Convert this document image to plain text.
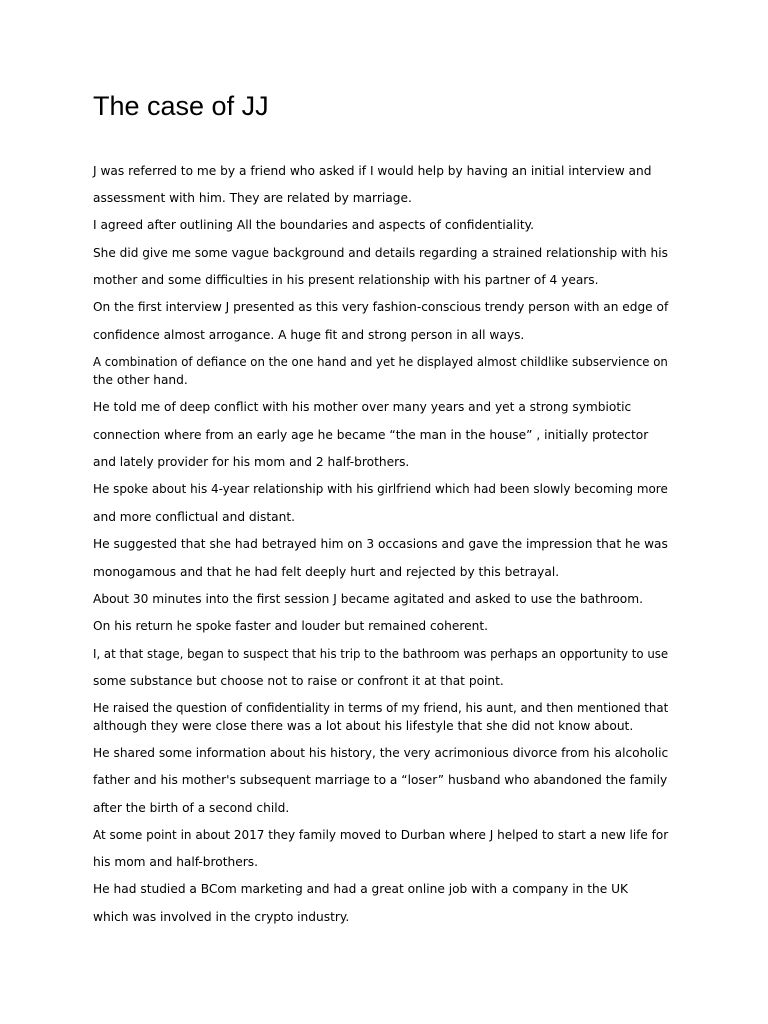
The case of JJ

J was referred to me by a friend who asked if I would help by having an initial interview and

assessment with him. They are related by marriage.

I agreed after outlining All the boundaries and aspects of confidentiality.

She did give me some vague background and details regarding a strained relationship with his

mother and some difficulties in his present relationship with his partner of 4 years.

On the first interview J presented as this very fashion-conscious trendy person with an edge of

confidence almost arrogance. A huge fit and strong person in all ways.

A combination of defiance on the one hand and yet he displayed almost childlike subservience on

the other hand.

He told me of deep conflict with his mother over many years and yet a strong symbiotic

connection where from an early age he became “the man in the house” , initially protector

and lately provider for his mom and 2 half-brothers.

He spoke about his 4-year relationship with his girlfriend which had been slowly becoming more

and more conflictual and distant.

He suggested that she had betrayed him on 3 occasions and gave the impression that he was

monogamous and that he had felt deeply hurt and rejected by this betrayal.

About 30 minutes into the first session J became agitated and asked to use the bathroom.

On his return he spoke faster and louder but remained coherent.

I, at that stage, began to suspect that his trip to the bathroom was perhaps an opportunity to use

some substance but choose not to raise or confront it at that point.

He raised the question of confidentiality in terms of my friend, his aunt, and then mentioned that

although they were close there was a lot about his lifestyle that she did not know about.

He shared some information about his history, the very acrimonious divorce from his alcoholic

father and his mother's subsequent marriage to a “loser” husband who abandoned the family

after the birth of a second child.

At some point in about 2017 they family moved to Durban where J helped to start a new life for

his mom and half-brothers.

He had studied a BCom marketing and had a great online job with a company in the UK

which was involved in the crypto industry.
